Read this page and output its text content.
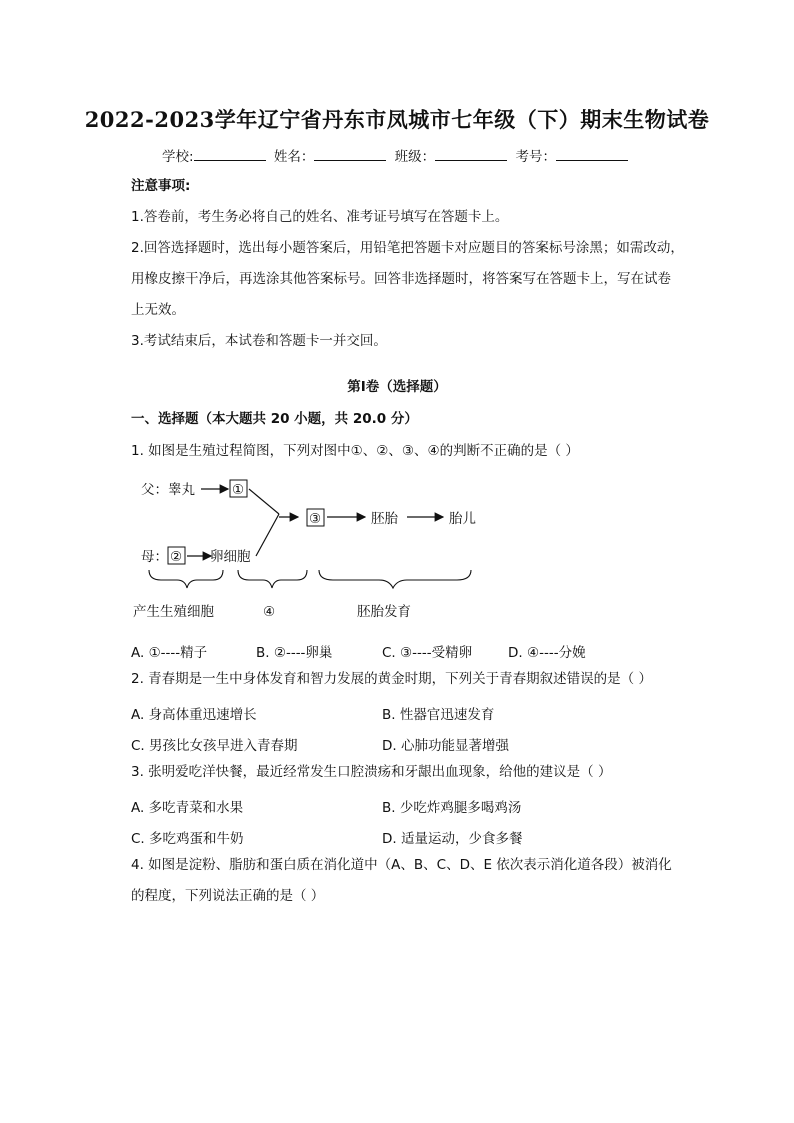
2022-2023学年辽宁省丹东市凤城市七年级（下）期末生物试卷
学校:	姓名：	班级：	考号：
注意事项:
1.答卷前，考生务必将自己的姓名、准考证号填写在答题卡上。
2.回答选择题时，选出每小题答案后，用铅笔把答题卡对应题目的答案标号涂黑；如需改动，
用橡皮擦干净后，再选涂其他答案标号。回答非选择题时，将答案写在答题卡上，写在试卷
上无效。
3.考试结束后，本试卷和答题卡一并交回。
第I卷（选择题）
一、选择题（本大题共 20 小题，共 20.0 分）
1. 如图是生殖过程简图，下列对图中①、②、③、④的判断不正确的是（ ）
父：睾丸	①
③	胚胎	胎儿
母： ② 卵细胞
产生生殖细胞	④	胚胎发育
A. ①----精子	B. ②----卵巢	C. ③----受精卵	D. ④----分娩
2. 青春期是一生中身体发育和智力发展的黄金时期，下列关于青春期叙述错误的是（ ）
A. 身高体重迅速增长	B. 性器官迅速发育
C. 男孩比女孩早进入青春期	D. 心肺功能显著增强
3. 张明爱吃洋快餐，最近经常发生口腔溃疡和牙龈出血现象，给他的建议是（ ）
A. 多吃青菜和水果	B. 少吃炸鸡腿多喝鸡汤
C. 多吃鸡蛋和牛奶	D. 适量运动，少食多餐
4. 如图是淀粉、脂肪和蛋白质在消化道中（A、B、C、D、E 依次表示消化道各段）被消化
的程度，下列说法正确的是（ ）
